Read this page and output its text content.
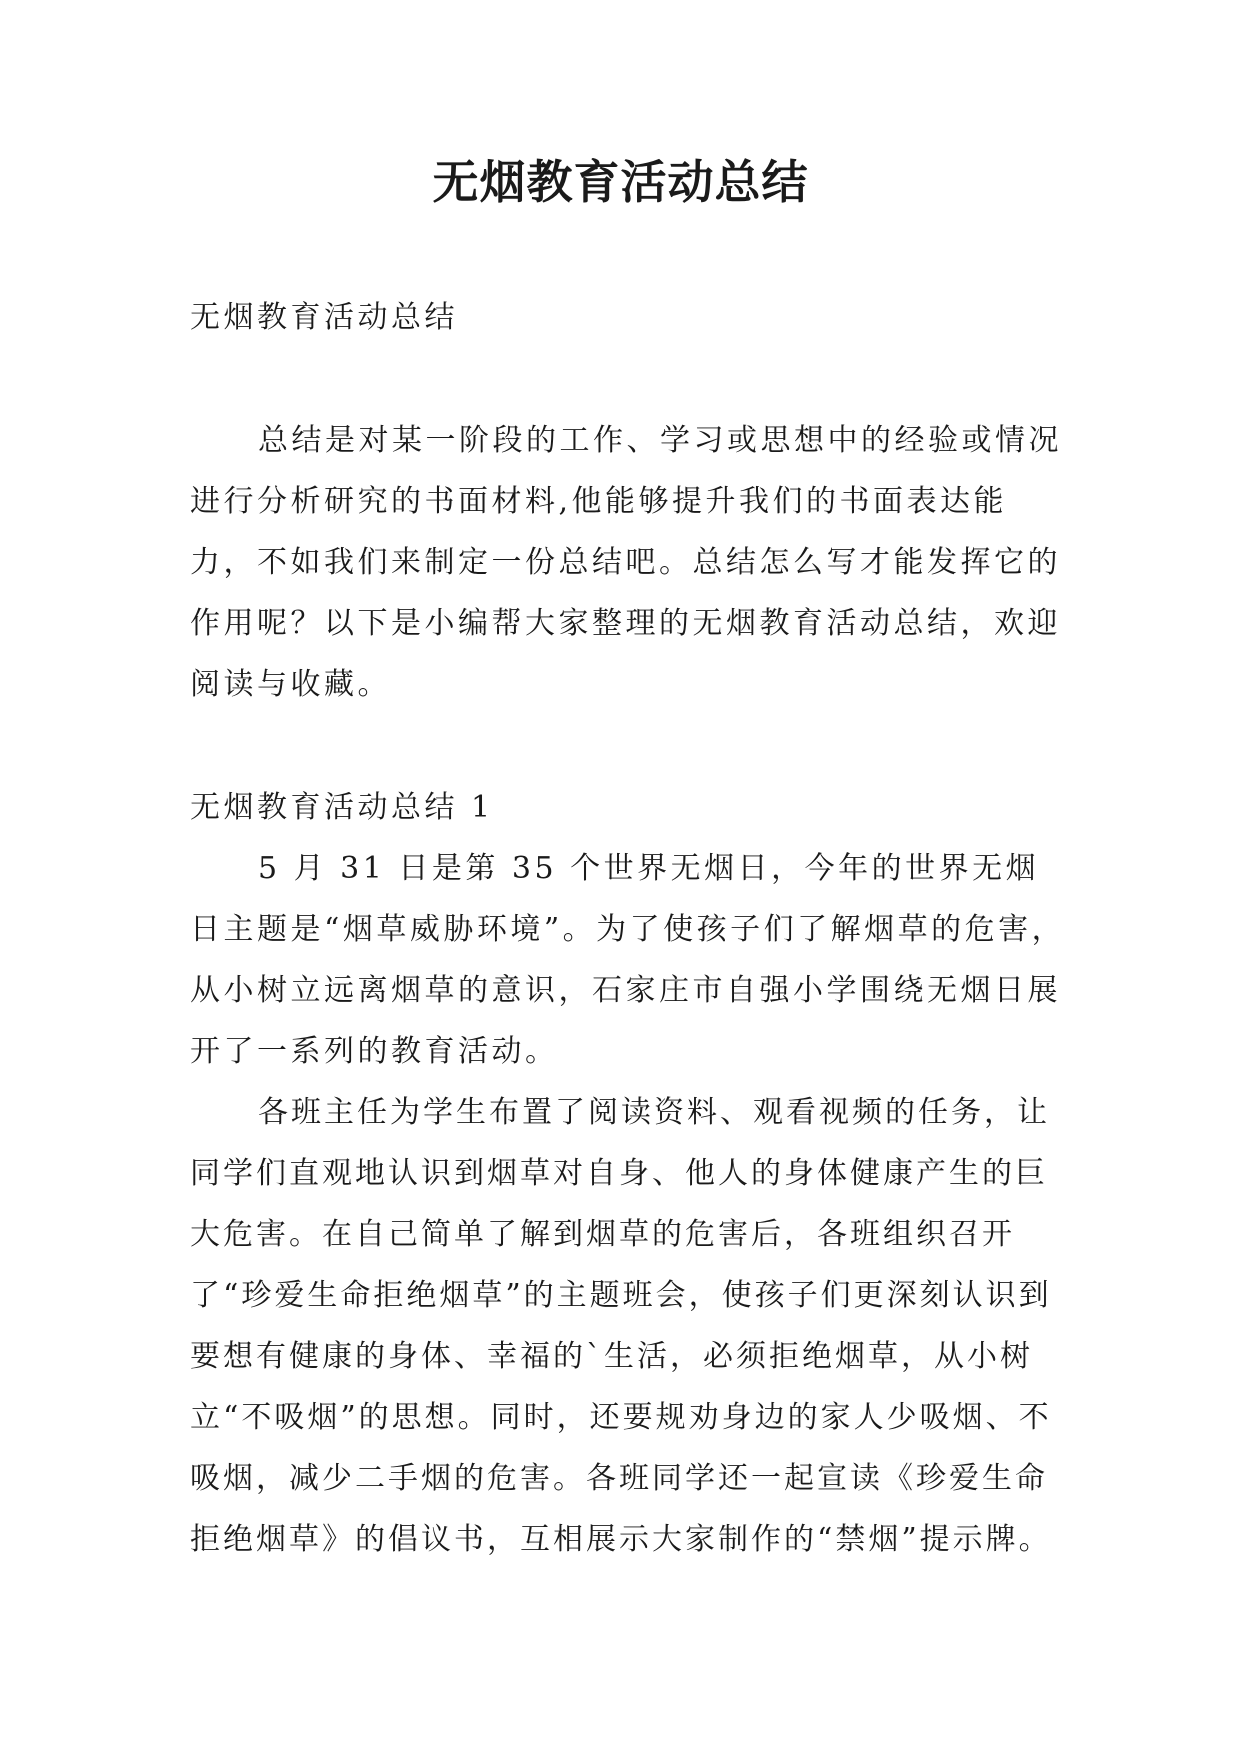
无烟教育活动总结

无烟教育活动总结

总结是对某一阶段的工作、学习或思想中的经验或情况进行分析研究的书面材料,他能够提升我们的书面表达能力，不如我们来制定一份总结吧。总结怎么写才能发挥它的作用呢？以下是小编帮大家整理的无烟教育活动总结，欢迎阅读与收藏。

无烟教育活动总结 1

5 月 31 日是第 35 个世界无烟日，今年的世界无烟日主题是“烟草威胁环境”。为了使孩子们了解烟草的危害，从小树立远离烟草的意识，石家庄市自强小学围绕无烟日展开了一系列的教育活动。

各班主任为学生布置了阅读资料、观看视频的任务，让同学们直观地认识到烟草对自身、他人的身体健康产生的巨大危害。在自己简单了解到烟草的危害后，各班组织召开了“珍爱生命拒绝烟草”的主题班会，使孩子们更深刻认识到要想有健康的身体、幸福的`生活，必须拒绝烟草，从小树立“不吸烟”的思想。同时，还要规劝身边的家人少吸烟、不吸烟，减少二手烟的危害。各班同学还一起宣读《珍爱生命拒绝烟草》的倡议书，互相展示大家制作的“禁烟”提示牌。
